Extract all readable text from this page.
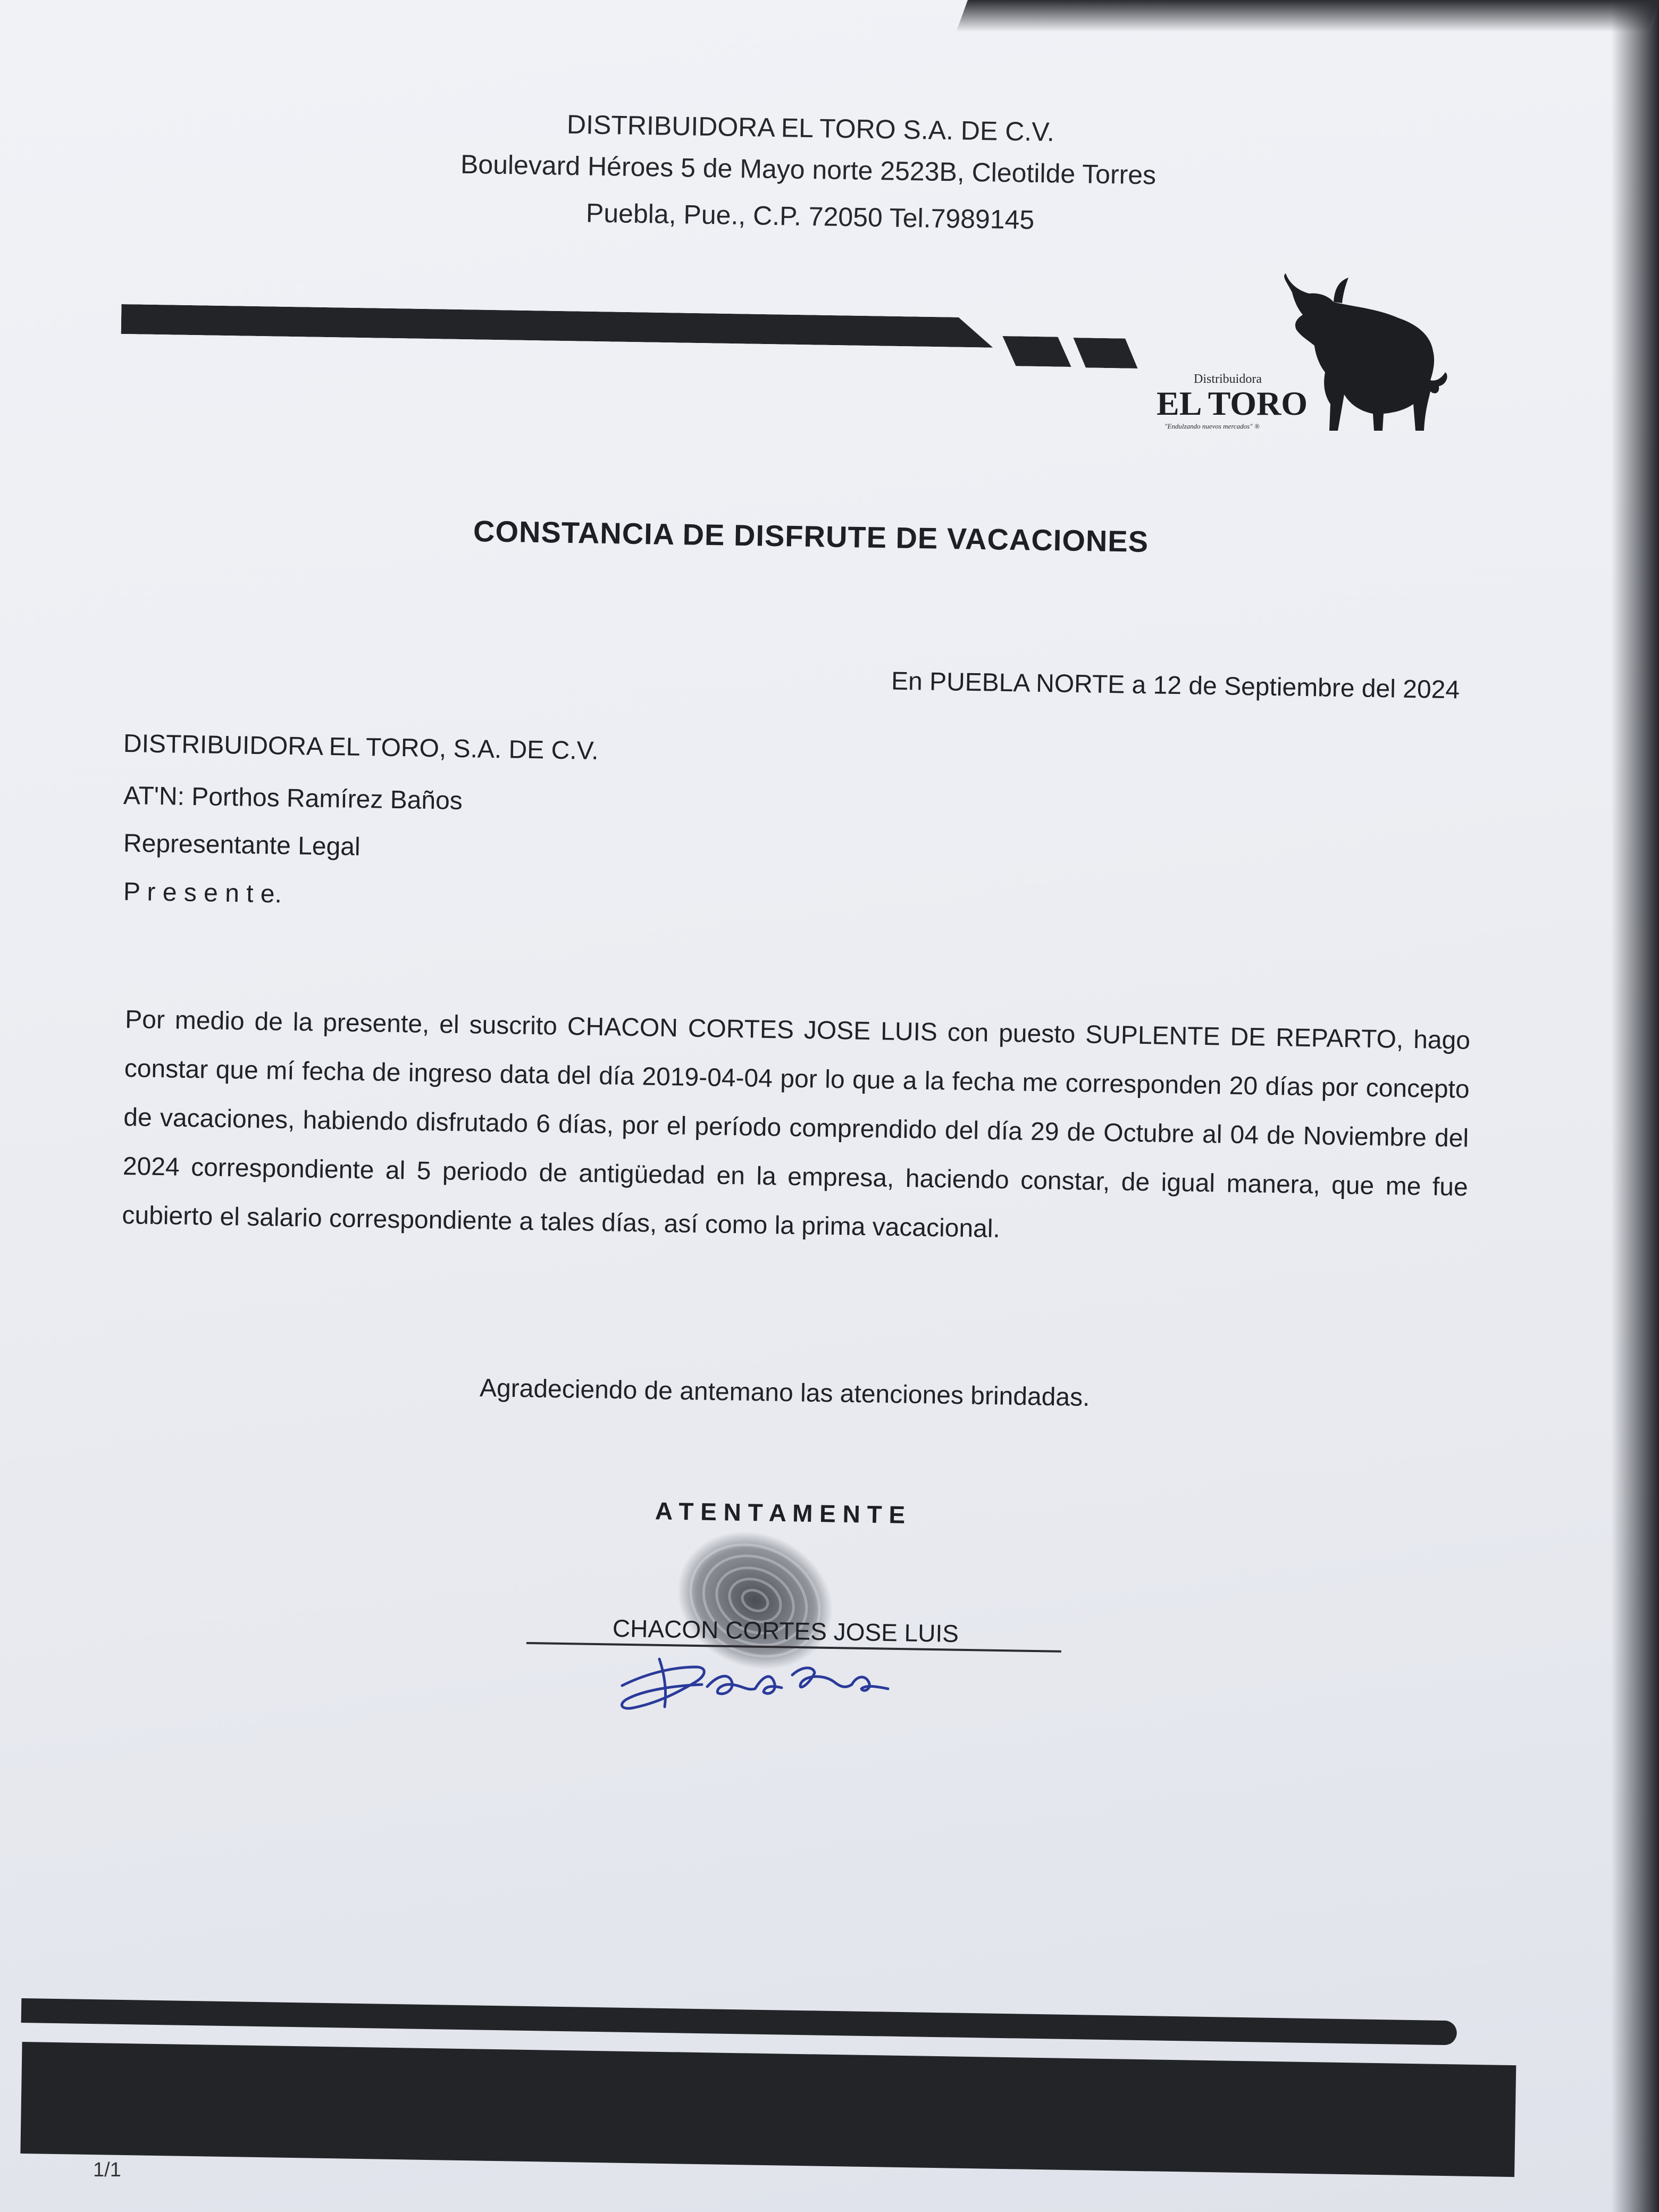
DISTRIBUIDORA EL TORO S.A. DE C.V.
Boulevard Héroes 5 de Mayo norte 2523B, Cleotilde Torres
Puebla, Pue., C.P. 72050 Tel.7989145
Distribuidora
EL TORO
"Endulzando nuevos mercados" ®
CONSTANCIA DE DISFRUTE DE VACACIONES
En PUEBLA NORTE a 12 de Septiembre del 2024
DISTRIBUIDORA EL TORO, S.A. DE C.V.
AT'N: Porthos Ramírez Baños
Representante Legal
P r e s e n t e.
Por medio de la presente, el suscrito CHACON CORTES JOSE LUIS con puesto SUPLENTE DE REPARTO, hago constar que mí fecha de ingreso data del día 2019-04-04 por lo que a la fecha me corresponden 20 días por concepto de vacaciones, habiendo disfrutado 6 días, por el período comprendido del día 29 de Octubre al 04 de Noviembre del 2024 correspondiente al 5 periodo de antigüedad en la empresa, haciendo constar, de igual manera, que me fue cubierto el salario correspondiente a tales días, así como la prima vacacional.
Agradeciendo de antemano las atenciones brindadas.
A T E N T A M E N T E
CHACON CORTES JOSE LUIS
1/1
